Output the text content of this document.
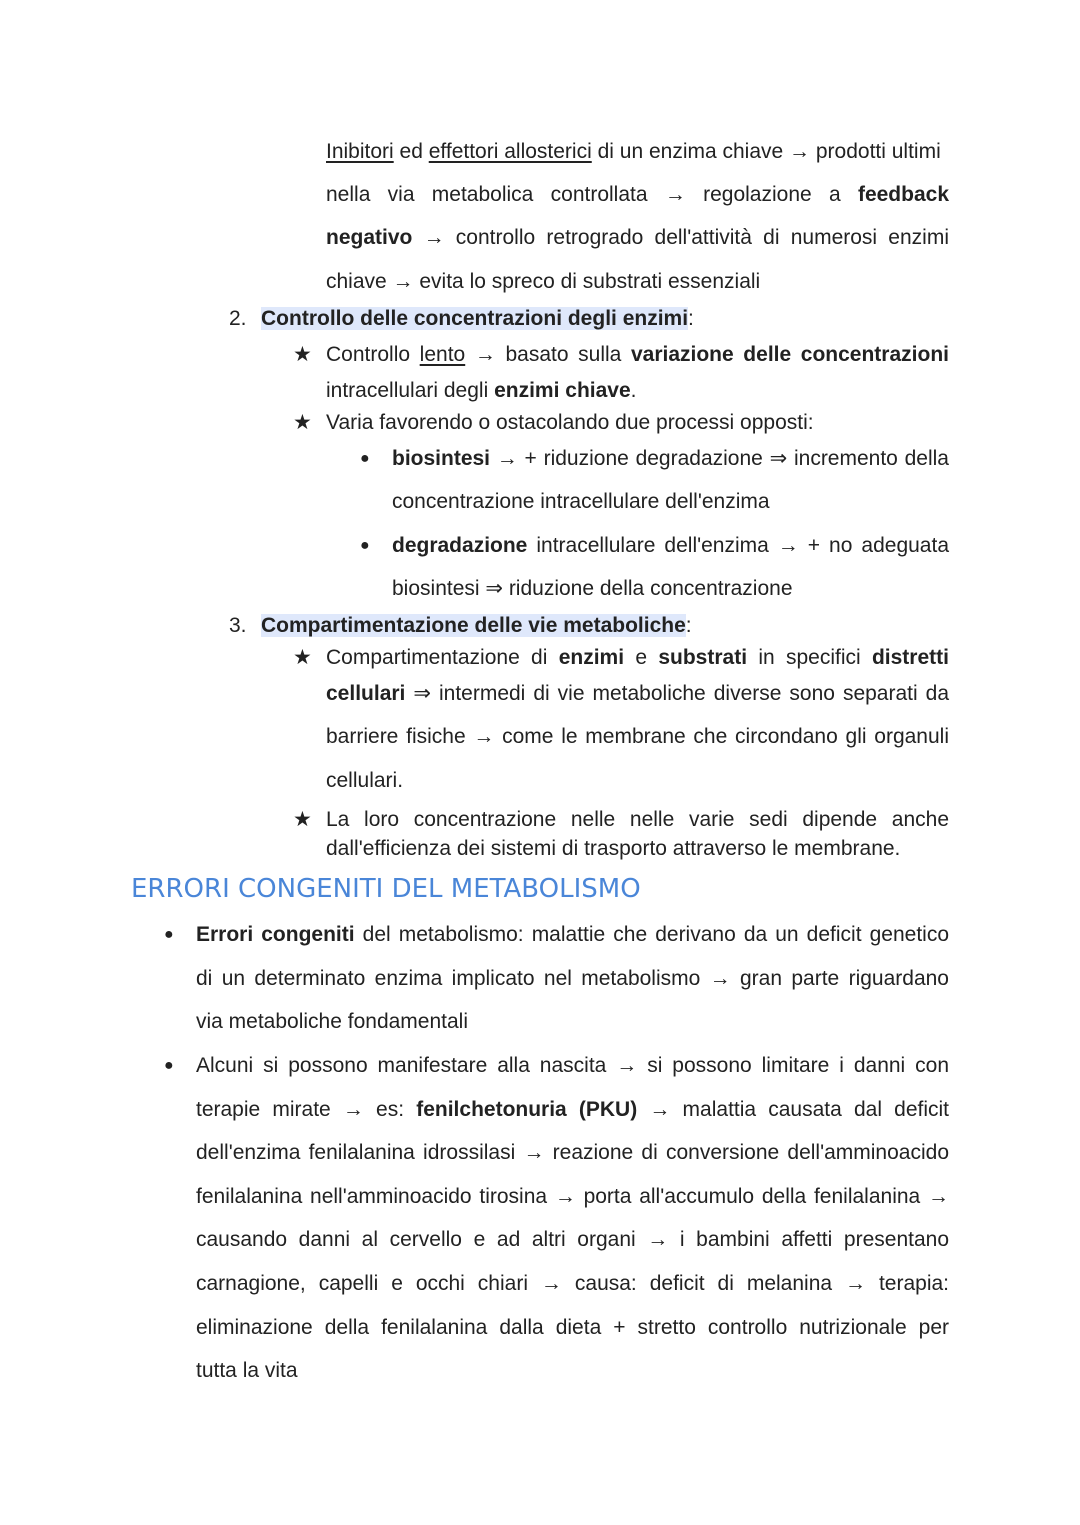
Inibitori ed effettori allosterici di un enzima chiave → prodotti ultimi
nella via metabolica controllata → regolazione a feedback
negativo → controllo retrogrado dell'attività di numerosi enzimi
chiave → evita lo spreco di substrati essenziali
2. Controllo delle concentrazioni degli enzimi:
★ Controllo lento → basato sulla variazione delle concentrazioni
intracellulari degli enzimi chiave.
★ Varia favorendo o ostacolando due processi opposti:
● biosintesi → + riduzione degradazione ⇒ incremento della
concentrazione intracellulare dell'enzima
● degradazione intracellulare dell'enzima → + no adeguata
biosintesi ⇒ riduzione della concentrazione
3. Compartimentazione delle vie metaboliche:
★ Compartimentazione di enzimi e substrati in specifici distretti
cellulari ⇒ intermedi di vie metaboliche diverse sono separati da
barriere fisiche → come le membrane che circondano gli organuli
cellulari.
★ La loro concentrazione nelle nelle varie sedi dipende anche
dall'efficienza dei sistemi di trasporto attraverso le membrane.
ERRORI CONGENITI DEL METABOLISMO
● Errori congeniti del metabolismo: malattie che derivano da un deficit genetico
di un determinato enzima implicato nel metabolismo → gran parte riguardano
via metaboliche fondamentali
● Alcuni si possono manifestare alla nascita → si possono limitare i danni con
terapie mirate → es: fenilchetonuria (PKU) → malattia causata dal deficit
dell'enzima fenilalanina idrossilasi → reazione di conversione dell'amminoacido
fenilalanina nell'amminoacido tirosina → porta all'accumulo della fenilalanina →
causando danni al cervello e ad altri organi → i bambini affetti presentano
carnagione, capelli e occhi chiari → causa: deficit di melanina → terapia:
eliminazione della fenilalanina dalla dieta + stretto controllo nutrizionale per
tutta la vita
